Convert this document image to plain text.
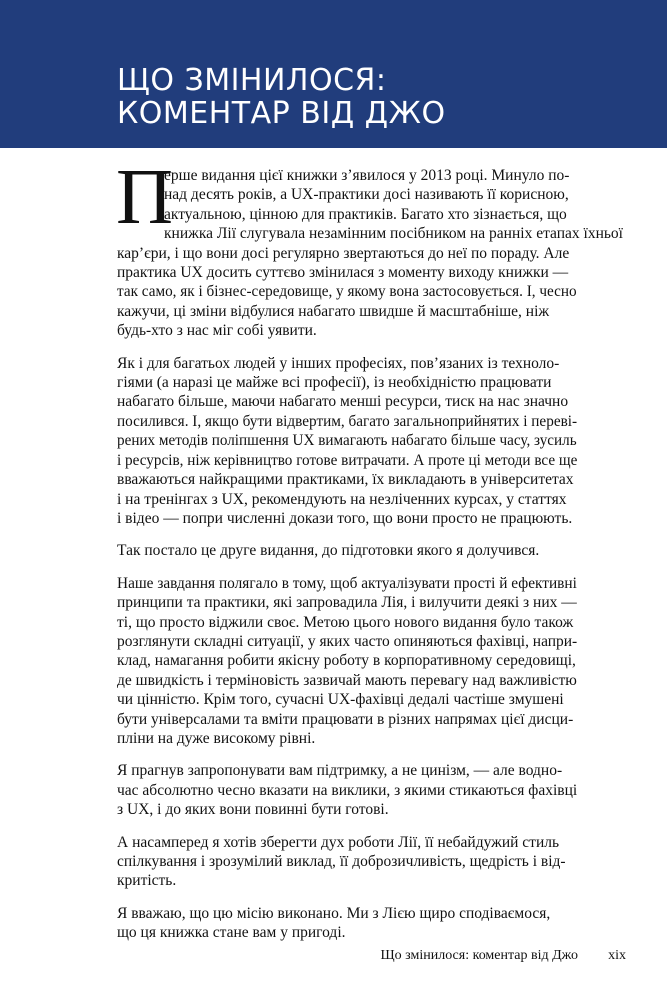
ЩО ЗМІНИЛОСЯ:
КОМЕНТАР ВІД ДЖО

П
ерше видання цієї книжки з’явилося у 2013 році. Минуло по-
над десять років, а UX-практики досі називають її корисною,
актуальною, цінною для практиків. Багато хто зізнається, що
книжка Лії слугувала незамінним посібником на ранніх етапах їхньої
кар’єри, і що вони досі регулярно звертаються до неї по пораду. Але
практика UX досить суттєво змінилася з моменту виходу книжки —
так само, як і бізнес-середовище, у якому вона застосовується. І, чесно
кажучи, ці зміни відбулися набагато швидше й масштабніше, ніж
будь-хто з нас міг собі уявити.

Як і для багатьох людей у інших професіях, пов’язаних із техноло-
гіями (а наразі це майже всі професії), із необхідністю працювати
набагато більше, маючи набагато менші ресурси, тиск на нас значно
посилився. І, якщо бути відвертим, багато загальноприйнятих і переві-
рених методів поліпшення UX вимагають набагато більше часу, зусиль
і ресурсів, ніж керівництво готове витрачати. А проте ці методи все ще
вважаються найкращими практиками, їх викладають в університетах
і на тренінгах з UX, рекомендують на незліченних курсах, у статтях
і відео — попри численні докази того, що вони просто не працюють.

Так постало це друге видання, до підготовки якого я долучився.

Наше завдання полягало в тому, щоб актуалізувати прості й ефективні
принципи та практики, які запровадила Лія, і вилучити деякі з них —
ті, що просто віджили своє. Метою цього нового видання було також
розглянути складні ситуації, у яких часто опиняються фахівці, напри-
клад, намагання робити якісну роботу в корпоративному середовищі,
де швидкість і терміновість зазвичай мають перевагу над важливістю
чи цінністю. Крім того, сучасні UX-фахівці дедалі частіше змушені
бути універсалами та вміти працювати в різних напрямах цієї дисци-
пліни на дуже високому рівні.

Я прагнув запропонувати вам підтримку, а не цинізм, — але водно-
час абсолютно чесно вказати на виклики, з якими стикаються фахівці
з UX, і до яких вони повинні бути готові.

А насамперед я хотів зберегти дух роботи Лії, її небайдужий стиль
спілкування і зрозумілий виклад, її доброзичливість, щедрість і від-
критість.

Я вважаю, що цю місію виконано. Ми з Лією щиро сподіваємося,
що ця книжка стане вам у пригоді.

Що змінилося: коментар від Джо xix
